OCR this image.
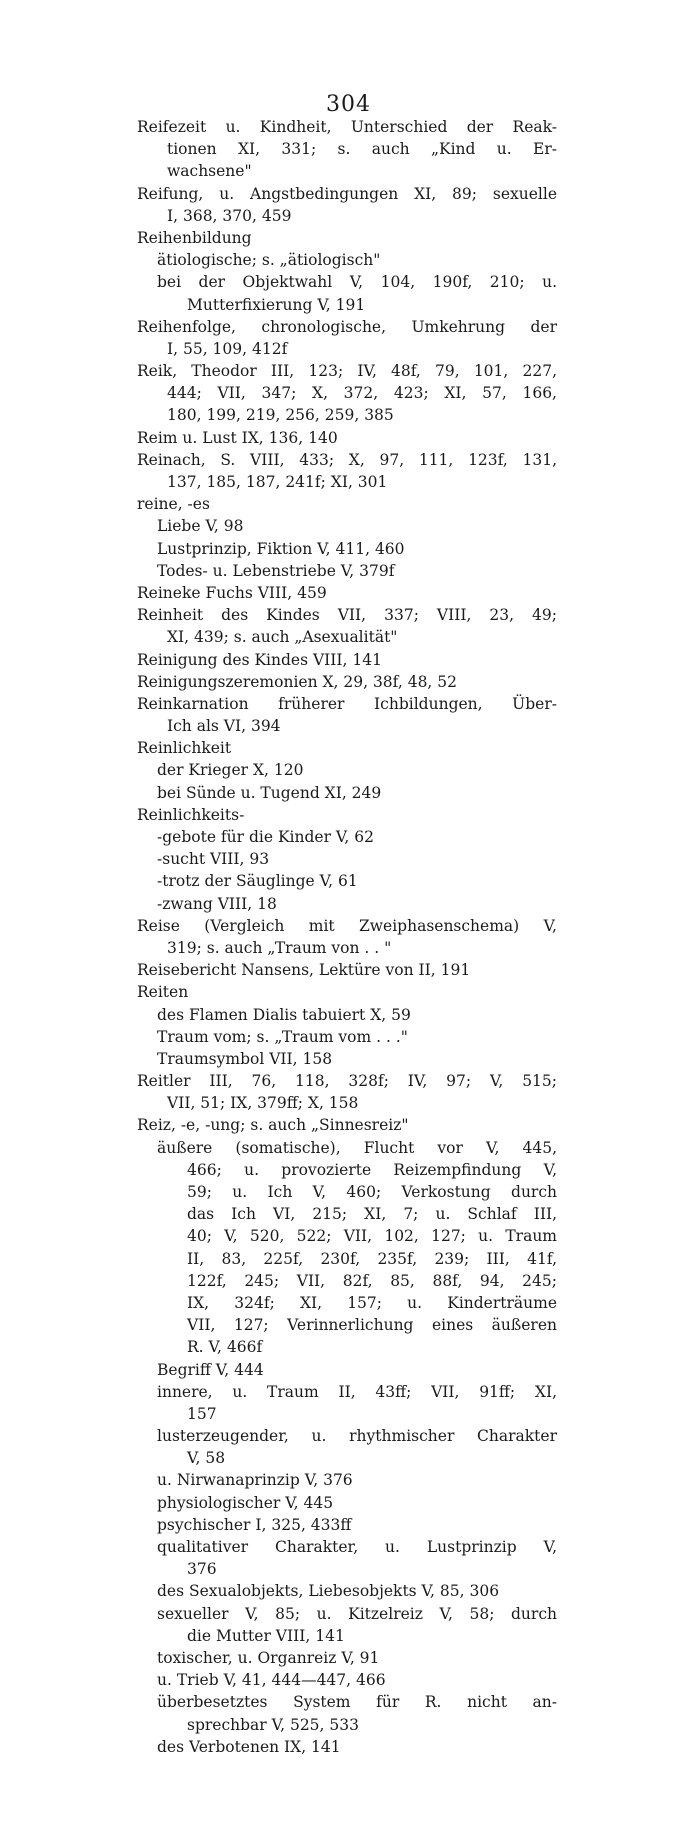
304
Reifezeit u. Kindheit, Unterschied der Reak-
tionen XI, 331; s. auch „Kind u. Er-
wachsene"
Reifung, u. Angstbedingungen XI, 89; sexuelle
I, 368, 370, 459
Reihenbildung
ätiologische; s. „ätiologisch"
bei der Objektwahl V, 104, 190f, 210; u.
Mutterfixierung V, 191
Reihenfolge, chronologische, Umkehrung der
I, 55, 109, 412f
Reik, Theodor III, 123; IV, 48f, 79, 101, 227,
444; VII, 347; X, 372, 423; XI, 57, 166,
180, 199, 219, 256, 259, 385
Reim u. Lust IX, 136, 140
Reinach, S. VIII, 433; X, 97, 111, 123f, 131,
137, 185, 187, 241f; XI, 301
reine, -es
Liebe V, 98
Lustprinzip, Fiktion V, 411, 460
Todes- u. Lebenstriebe V, 379f
Reineke Fuchs VIII, 459
Reinheit des Kindes VII, 337; VIII, 23, 49;
XI, 439; s. auch „Asexualität"
Reinigung des Kindes VIII, 141
Reinigungszeremonien X, 29, 38f, 48, 52
Reinkarnation früherer Ichbildungen, Über-
Ich als VI, 394
Reinlichkeit
der Krieger X, 120
bei Sünde u. Tugend XI, 249
Reinlichkeits-
-gebote für die Kinder V, 62
-sucht VIII, 93
-trotz der Säuglinge V, 61
-zwang VIII, 18
Reise (Vergleich mit Zweiphasenschema) V,
319; s. auch „Traum von . . "
Reisebericht Nansens, Lektüre von II, 191
Reiten
des Flamen Dialis tabuiert X, 59
Traum vom; s. „Traum vom . . ."
Traumsymbol VII, 158
Reitler III, 76, 118, 328f; IV, 97; V, 515;
VII, 51; IX, 379ff; X, 158
Reiz, -e, -ung; s. auch „Sinnesreiz"
äußere (somatische), Flucht vor V, 445,
466; u. provozierte Reizempfindung V,
59; u. Ich V, 460; Verkostung durch
das Ich VI, 215; XI, 7; u. Schlaf III,
40; V, 520, 522; VII, 102, 127; u. Traum
II, 83, 225f, 230f, 235f, 239; III, 41f,
122f, 245; VII, 82f, 85, 88f, 94, 245;
IX, 324f; XI, 157; u. Kinderträume
VII, 127; Verinnerlichung eines äußeren
R. V, 466f
Begriff V, 444
innere, u. Traum II, 43ff; VII, 91ff; XI,
157
lusterzeugender, u. rhythmischer Charakter
V, 58
u. Nirwanaprinzip V, 376
physiologischer V, 445
psychischer I, 325, 433ff
qualitativer Charakter, u. Lustprinzip V,
376
des Sexualobjekts, Liebesobjekts V, 85, 306
sexueller V, 85; u. Kitzelreiz V, 58; durch
die Mutter VIII, 141
toxischer, u. Organreiz V, 91
u. Trieb V, 41, 444—447, 466
überbesetztes System für R. nicht an-
sprechbar V, 525, 533
des Verbotenen IX, 141
